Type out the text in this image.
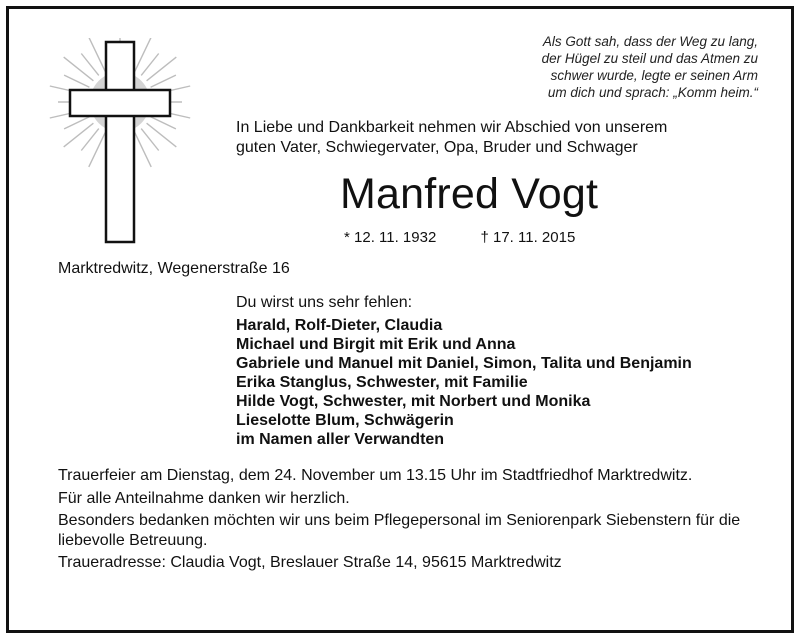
Als Gott sah, dass der Weg zu lang,
der Hügel zu steil und das Atmen zu
schwer wurde, legte er seinen Arm
um dich und sprach: „Komm heim.“
In Liebe und Dankbarkeit nehmen wir Abschied von unserem
guten Vater, Schwiegervater, Opa, Bruder und Schwager
Manfred Vogt
* 12. 11. 1932	† 17. 11. 2015
Marktredwitz, Wegenerstraße 16
Du wirst uns sehr fehlen:
Harald, Rolf-Dieter, Claudia
Michael und Birgit mit Erik und Anna
Gabriele und Manuel mit Daniel, Simon, Talita und Benjamin
Erika Stanglus, Schwester, mit Familie
Hilde Vogt, Schwester, mit Norbert und Monika
Lieselotte Blum, Schwägerin
im Namen aller Verwandten

Trauerfeier am Dienstag, dem 24. November um 13.15 Uhr im Stadtfriedhof Marktredwitz.

Für alle Anteilnahme danken wir herzlich.

Besonders bedanken möchten wir uns beim Pflegepersonal im Seniorenpark Siebenstern für die liebevolle Betreuung.

Traueradresse: Claudia Vogt, Breslauer Straße 14, 95615 Marktredwitz
